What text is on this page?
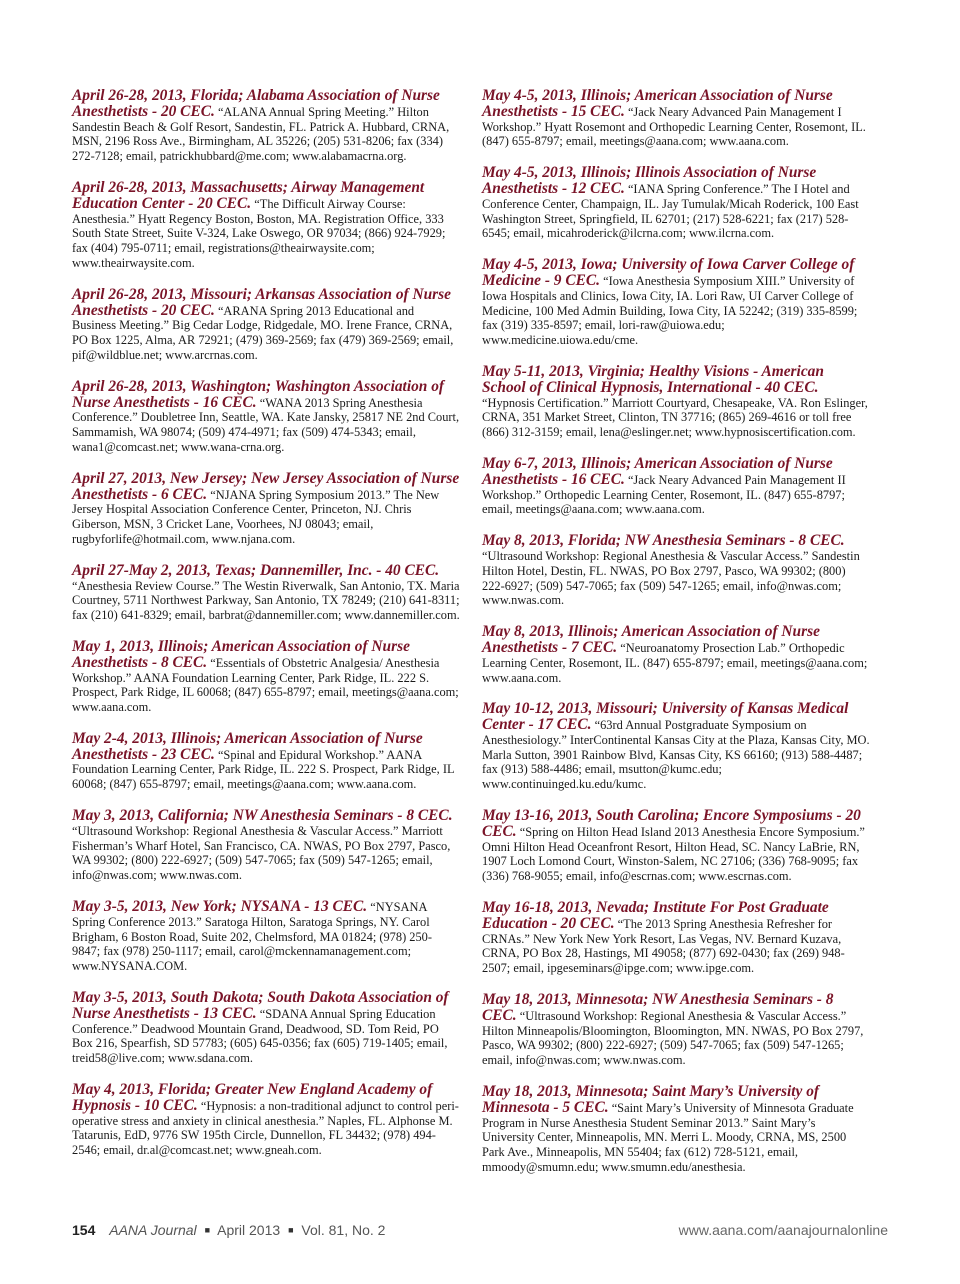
April 26-28, 2013, Florida; Alabama Association of Nurse Anesthetists - 20 CEC. “ALANA Annual Spring Meeting.” Hilton Sandestin Beach & Golf Resort, Sandestin, FL. Patrick A. Hubbard, CRNA, MSN, 2196 Ross Ave., Birmingham, AL 35226; (205) 531-8206; fax (334) 272-7128; email, patrickhubbard@me.com; www.alabamacrna.org.
April 26-28, 2013, Massachusetts; Airway Management Education Center - 20 CEC. “The Difficult Airway Course: Anesthesia.” Hyatt Regency Boston, Boston, MA. Registration Office, 333 South State Street, Suite V-324, Lake Oswego, OR 97034; (866) 924-7929; fax (404) 795-0711; email, registrations@theairwaysite.com; www.theairwaysite.com.
April 26-28, 2013, Missouri; Arkansas Association of Nurse Anesthetists - 20 CEC. “ARANA Spring 2013 Educational and Business Meeting.” Big Cedar Lodge, Ridgedale, MO. Irene France, CRNA, PO Box 1225, Alma, AR 72921; (479) 369-2569; fax (479) 369-2569; email, pif@wildblue.net; www.arcrnas.com.
April 26-28, 2013, Washington; Washington Association of Nurse Anesthetists - 16 CEC. “WANA 2013 Spring Anesthesia Conference.” Doubletree Inn, Seattle, WA. Kate Jansky, 25817 NE 2nd Court, Sammamish, WA 98074; (509) 474-4971; fax (509) 474-5343; email, wana1@comcast.net; www.wana-crna.org.
April 27, 2013, New Jersey; New Jersey Association of Nurse Anesthetists - 6 CEC. “NJANA Spring Symposium 2013.” The New Jersey Hospital Association Conference Center, Princeton, NJ. Chris Giberson, MSN, 3 Cricket Lane, Voorhees, NJ 08043; email, rugbyforlife@hotmail.com, www.njana.com.
April 27-May 2, 2013, Texas; Dannemiller, Inc. - 40 CEC. “Anesthesia Review Course.” The Westin Riverwalk, San Antonio, TX. Maria Courtney, 5711 Northwest Parkway, San Antonio, TX 78249; (210) 641-8311; fax (210) 641-8329; email, barbrat@dannemiller.com; www.dannemiller.com.
May 1, 2013, Illinois; American Association of Nurse Anesthetists - 8 CEC. “Essentials of Obstetric Analgesia/ Anesthesia Workshop.” AANA Foundation Learning Center, Park Ridge, IL. 222 S. Prospect, Park Ridge, IL 60068; (847) 655-8797; email, meetings@aana.com; www.aana.com.
May 2-4, 2013, Illinois; American Association of Nurse Anesthetists - 23 CEC. “Spinal and Epidural Workshop.” AANA Foundation Learning Center, Park Ridge, IL. 222 S. Prospect, Park Ridge, IL 60068; (847) 655-8797; email, meetings@aana.com; www.aana.com.
May 3, 2013, California; NW Anesthesia Seminars - 8 CEC. “Ultrasound Workshop: Regional Anesthesia & Vascular Access.” Marriott Fisherman’s Wharf Hotel, San Francisco, CA. NWAS, PO Box 2797, Pasco, WA 99302; (800) 222-6927; (509) 547-7065; fax (509) 547-1265; email, info@nwas.com; www.nwas.com.
May 3-5, 2013, New York; NYSANA - 13 CEC. “NYSANA Spring Conference 2013.” Saratoga Hilton, Saratoga Springs, NY. Carol Brigham, 6 Boston Road, Suite 202, Chelmsford, MA 01824; (978) 250-9847; fax (978) 250-1117; email, carol@mckennamanagement.com; www.NYSANA.COM.
May 3-5, 2013, South Dakota; South Dakota Association of Nurse Anesthetists - 13 CEC. “SDANA Annual Spring Education Conference.” Deadwood Mountain Grand, Deadwood, SD. Tom Reid, PO Box 216, Spearfish, SD 57783; (605) 645-0356; fax (605) 719-1405; email, treid58@live.com; www.sdana.com.
May 4, 2013, Florida; Greater New England Academy of Hypnosis - 10 CEC. “Hypnosis: a non-traditional adjunct to control peri-operative stress and anxiety in clinical anesthesia.” Naples, FL. Alphonse M. Tatarunis, EdD, 9776 SW 195th Circle, Dunnellon, FL 34432; (978) 494-2546; email, dr.al@comcast.net; www.gneah.com.
May 4-5, 2013, Illinois; American Association of Nurse Anesthetists - 15 CEC. “Jack Neary Advanced Pain Management I Workshop.” Hyatt Rosemont and Orthopedic Learning Center, Rosemont, IL. (847) 655-8797; email, meetings@aana.com; www.aana.com.
May 4-5, 2013, Illinois; Illinois Association of Nurse Anesthetists - 12 CEC. “IANA Spring Conference.” The I Hotel and Conference Center, Champaign, IL. Jay Tumulak/Micah Roderick, 100 East Washington Street, Springfield, IL 62701; (217) 528-6221; fax (217) 528-6545; email, micahroderick@ilcrna.com; www.ilcrna.com.
May 4-5, 2013, Iowa; University of Iowa Carver College of Medicine - 9 CEC. “Iowa Anesthesia Symposium XIII.” University of Iowa Hospitals and Clinics, Iowa City, IA. Lori Raw, UI Carver College of Medicine, 100 Med Admin Building, Iowa City, IA 52242; (319) 335-8599; fax (319) 335-8597; email, lori-raw@uiowa.edu; www.medicine.uiowa.edu/cme.
May 5-11, 2013, Virginia; Healthy Visions - American School of Clinical Hypnosis, International - 40 CEC. “Hypnosis Certification.” Marriott Courtyard, Chesapeake, VA. Ron Eslinger, CRNA, 351 Market Street, Clinton, TN 37716; (865) 269-4616 or toll free (866) 312-3159; email, lena@eslinger.net; www.hypnosiscertification.com.
May 6-7, 2013, Illinois; American Association of Nurse Anesthetists - 16 CEC. “Jack Neary Advanced Pain Management II Workshop.” Orthopedic Learning Center, Rosemont, IL. (847) 655-8797; email, meetings@aana.com; www.aana.com.
May 8, 2013, Florida; NW Anesthesia Seminars - 8 CEC. “Ultrasound Workshop: Regional Anesthesia & Vascular Access.” Sandestin Hilton Hotel, Destin, FL. NWAS, PO Box 2797, Pasco, WA 99302; (800) 222-6927; (509) 547-7065; fax (509) 547-1265; email, info@nwas.com; www.nwas.com.
May 8, 2013, Illinois; American Association of Nurse Anesthetists - 7 CEC. “Neuroanatomy Prosection Lab.” Orthopedic Learning Center, Rosemont, IL. (847) 655-8797; email, meetings@aana.com; www.aana.com.
May 10-12, 2013, Missouri; University of Kansas Medical Center - 17 CEC. “63rd Annual Postgraduate Symposium on Anesthesiology.” InterContinental Kansas City at the Plaza, Kansas City, MO. Marla Sutton, 3901 Rainbow Blvd, Kansas City, KS 66160; (913) 588-4487; fax (913) 588-4486; email, msutton@kumc.edu; www.continuinged.ku.edu/kumc.
May 13-16, 2013, South Carolina; Encore Symposiums - 20 CEC. “Spring on Hilton Head Island 2013 Anesthesia Encore Symposium.” Omni Hilton Head Oceanfront Resort, Hilton Head, SC. Nancy LaBrie, RN, 1907 Loch Lomond Court, Winston-Salem, NC 27106; (336) 768-9095; fax (336) 768-9055; email, info@escrnas.com; www.escrnas.com.
May 16-18, 2013, Nevada; Institute For Post Graduate Education - 20 CEC. “The 2013 Spring Anesthesia Refresher for CRNAs.” New York New York Resort, Las Vegas, NV. Bernard Kuzava, CRNA, PO Box 28, Hastings, MI 49058; (877) 692-0430; fax (269) 948-2507; email, ipgeseminars@ipge.com; www.ipge.com.
May 18, 2013, Minnesota; NW Anesthesia Seminars - 8 CEC. “Ultrasound Workshop: Regional Anesthesia & Vascular Access.” Hilton Minneapolis/Bloomington, Bloomington, MN. NWAS, PO Box 2797, Pasco, WA 99302; (800) 222-6927; (509) 547-7065; fax (509) 547-1265; email, info@nwas.com; www.nwas.com.
May 18, 2013, Minnesota; Saint Mary’s University of Minnesota - 5 CEC. “Saint Mary’s University of Minnesota Graduate Program in Nurse Anesthesia Student Seminar 2013.” Saint Mary’s University Center, Minneapolis, MN. Merri L. Moody, CRNA, MS, 2500 Park Ave., Minneapolis, MN 55404; fax (612) 728-5121, email, mmoody@smumn.edu; www.smumn.edu/anesthesia.
154 AANA Journal ■ April 2013 ■ Vol. 81, No. 2	www.aana.com/aanajournalonline
